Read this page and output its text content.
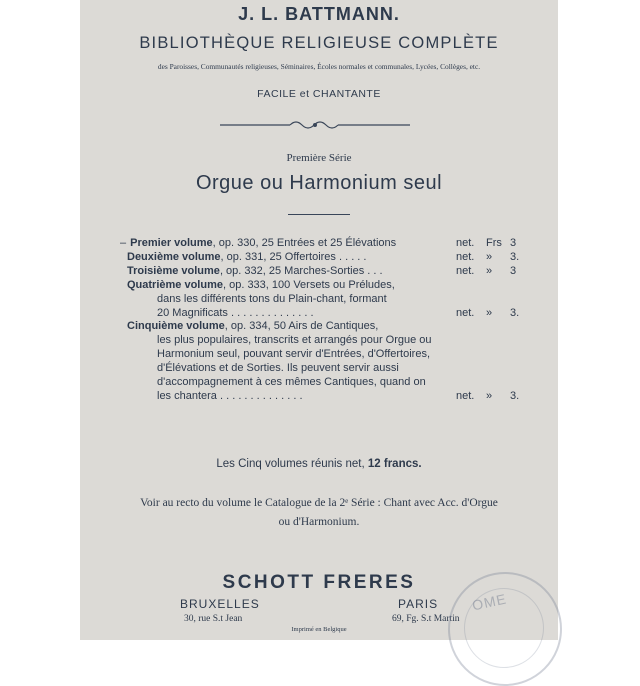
J. L. BATTMANN.
BIBLIOTHÈQUE RELIGIEUSE COMPLÈTE
des Paroisses, Communautés religieuses, Séminaires, Écoles normales et communales, Lycées, Collèges, etc.
FACILE et CHANTANTE
Première Série
Orgue ou Harmonium seul
– Premier volume, op. 330, 25 Entrées et 25 Élévations	net. Frs 3
Deuxième volume, op. 331, 25 Offertoires . . . . .	net. » 3.
Troisième volume, op. 332, 25 Marches-Sorties . . .	net. » 3
Quatrième volume, op. 333, 100 Versets ou Préludes,
dans les différents tons du Plain-chant, formant
20 Magnificats . . . . . . . . . . . . . .	net. » 3.
Cinquième volume, op. 334, 50 Airs de Cantiques,
les plus populaires, transcrits et arrangés pour Orgue ou
Harmonium seul, pouvant servir d'Entrées, d'Offertoires,
d'Élévations et de Sorties. Ils peuvent servir aussi
d'accompagnement à ces mêmes Cantiques, quand on
les chantera . . . . . . . . . . . . . .	net. » 3.
Les Cinq volumes réunis net, 12 francs.
Voir au recto du volume le Catalogue de la 2ᵉ Série : Chant avec Acc. d'Orgue
ou d'Harmonium.
SCHOTT FRERES
BRUXELLES
30, rue S.t Jean
PARIS
69, Fg. S.t Martin
Imprimé en Belgique
OME
